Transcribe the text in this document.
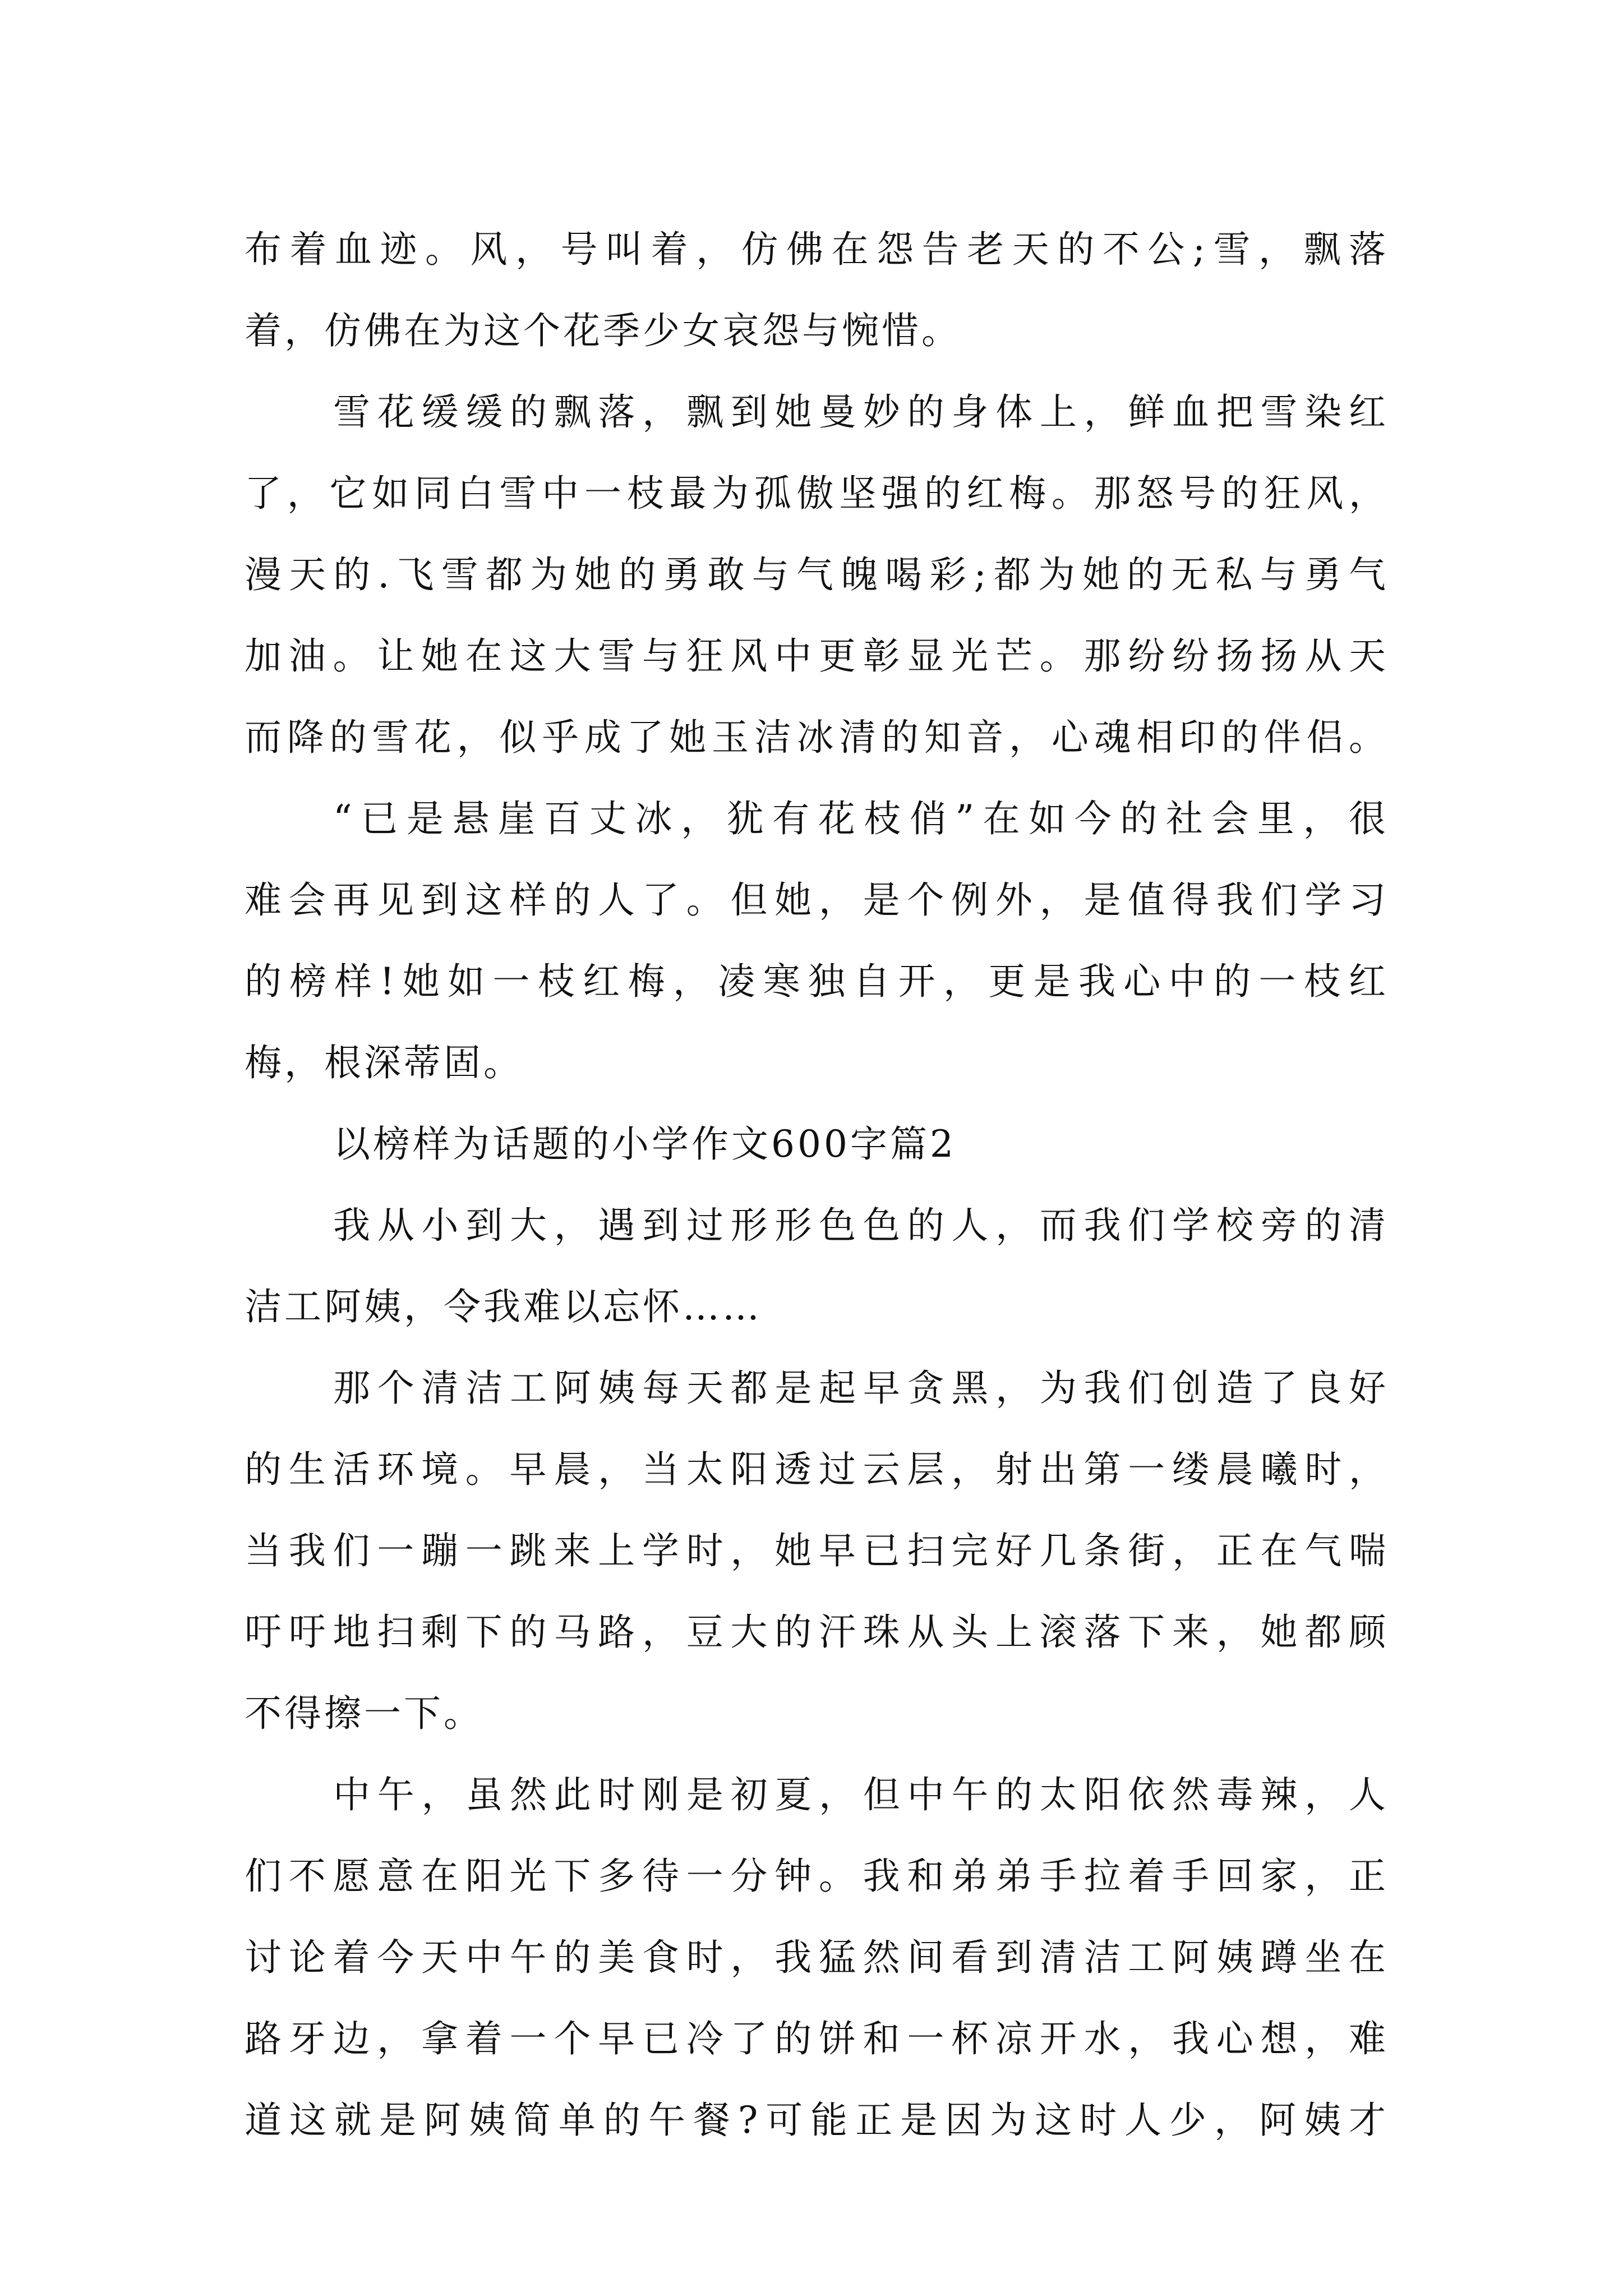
布着血迹。风，号叫着，仿佛在怨告老天的不公;雪，飘落
着，仿佛在为这个花季少女哀怨与惋惜。
雪花缓缓的飘落，飘到她曼妙的身体上，鲜血把雪染红
了，它如同白雪中一枝最为孤傲坚强的红梅。那怒号的狂风，
漫天的.飞雪都为她的勇敢与气魄喝彩;都为她的无私与勇气
加油。让她在这大雪与狂风中更彰显光芒。那纷纷扬扬从天
而降的雪花，似乎成了她玉洁冰清的知音，心魂相印的伴侣。
“已是悬崖百丈冰，犹有花枝俏”在如今的社会里，很
难会再见到这样的人了。但她，是个例外，是值得我们学习
的榜样!她如一枝红梅，凌寒独自开，更是我心中的一枝红
梅，根深蒂固。
以榜样为话题的小学作文600字篇2
我从小到大，遇到过形形色色的人，而我们学校旁的清
洁工阿姨，令我难以忘怀……
那个清洁工阿姨每天都是起早贪黑，为我们创造了良好
的生活环境。早晨，当太阳透过云层，射出第一缕晨曦时，
当我们一蹦一跳来上学时，她早已扫完好几条街，正在气喘
吁吁地扫剩下的马路，豆大的汗珠从头上滚落下来，她都顾
不得擦一下。
中午，虽然此时刚是初夏，但中午的太阳依然毒辣，人
们不愿意在阳光下多待一分钟。我和弟弟手拉着手回家，正
讨论着今天中午的美食时，我猛然间看到清洁工阿姨蹲坐在
路牙边，拿着一个早已冷了的饼和一杯凉开水，我心想，难
道这就是阿姨简单的午餐?可能正是因为这时人少，阿姨才
